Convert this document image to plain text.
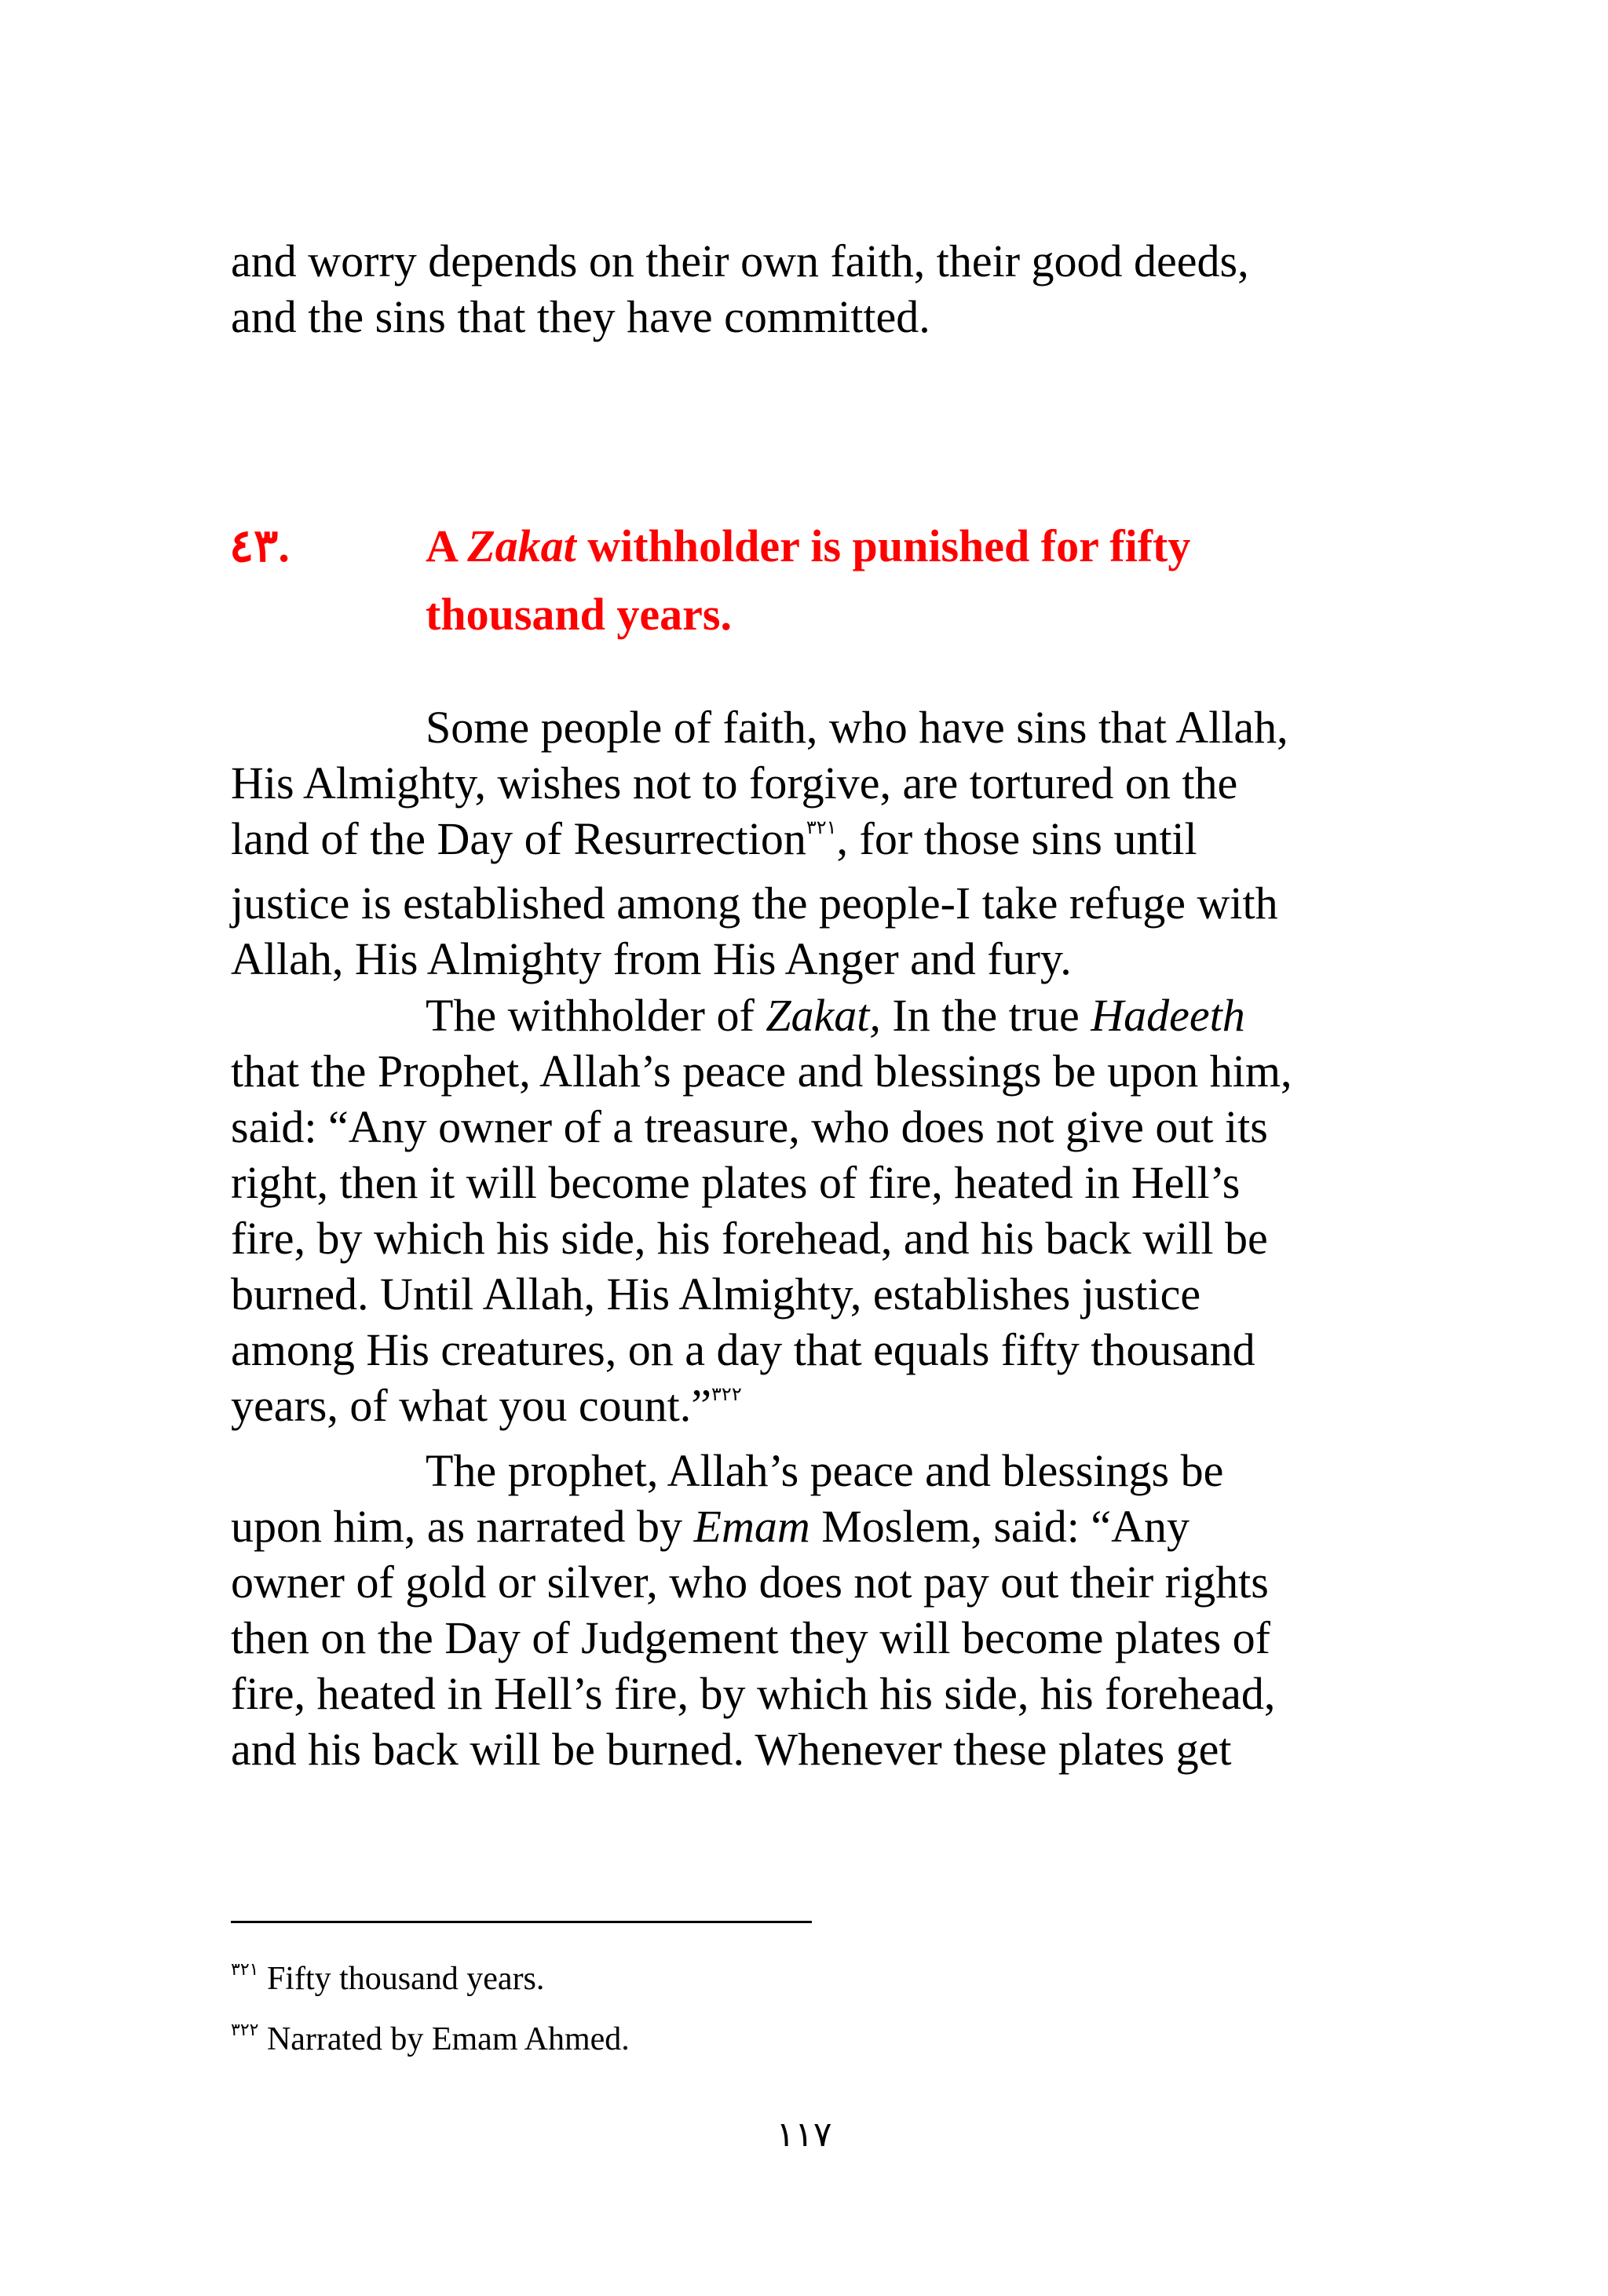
and worry depends on their own faith, their good deeds,
and the sins that they have committed.
٤٣.	A Zakat withholder is punished for fifty
thousand years.
Some people of faith, who have sins that Allah,
His Almighty, wishes not to forgive, are tortured on the
land of the Day of Resurrection$^{٣٢١}$, for those sins until
justice is established among the people-I take refuge with
Allah, His Almighty from His Anger and fury.
The withholder of Zakat, In the true Hadeeth
that the Prophet, Allah’s peace and blessings be upon him,
said: “Any owner of a treasure, who does not give out its
right, then it will become plates of fire, heated in Hell’s
fire, by which his side, his forehead, and his back will be
burned. Until Allah, His Almighty, establishes justice
among His creatures, on a day that equals fifty thousand
years, of what you count.”$^{٣٢٢}$
The prophet, Allah’s peace and blessings be
upon him, as narrated by Emam Moslem, said: “Any
owner of gold or silver, who does not pay out their rights
then on the Day of Judgement they will become plates of
fire, heated in Hell’s fire, by which his side, his forehead,
and his back will be burned. Whenever these plates get
$^{٣٢١}$ Fifty thousand years.
$^{٣٢٢}$ Narrated by Emam Ahmed.
١١٧
